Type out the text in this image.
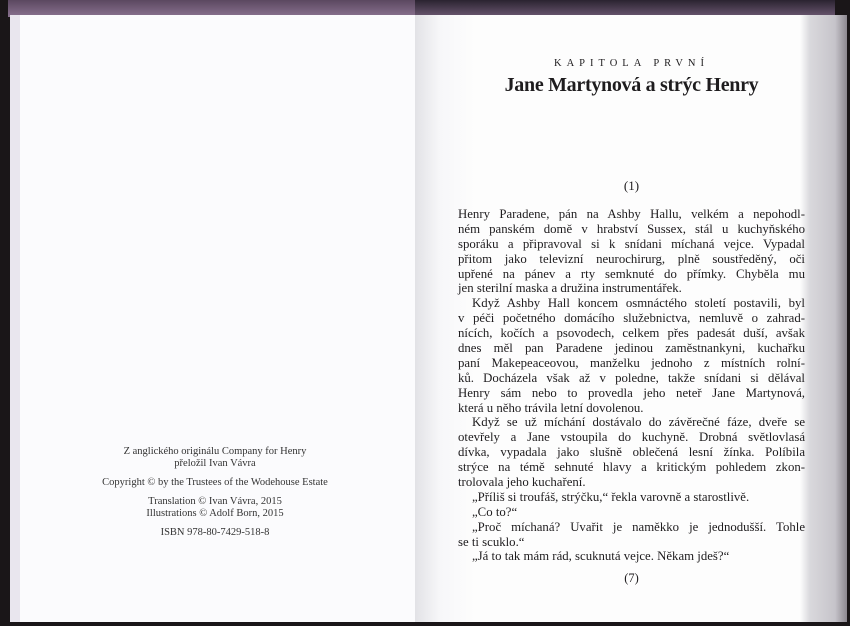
Z anglického originálu Company for Henry
přeložil Ivan Vávra
Copyright © by the Trustees of the Wodehouse Estate
Translation © Ivan Vávra, 2015
Illustrations © Adolf Born, 2015
ISBN 978-80-7429-518-8
KAPITOLA PRVNÍ
Jane Martynová a strýc Henry
(1)
Henry Paradene, pán na Ashby Hallu, velkém a nepohodl-
ném panském domě v hrabství Sussex, stál u kuchyňského
sporáku a připravoval si k snídani míchaná vejce. Vypadal
přitom jako televizní neurochirurg, plně soustředěný, oči
upřené na pánev a rty semknuté do přímky. Chyběla mu
jen sterilní maska a družina instrumentářek.
Když Ashby Hall koncem osmnáctého století postavili, byl
v péči početného domácího služebnictva, nemluvě o zahrad-
nících, kočích a psovodech, celkem přes padesát duší, avšak
dnes měl pan Paradene jedinou zaměstnankyni, kuchařku
paní Makepeaceovou, manželku jednoho z místních rolní-
ků. Docházela však až v poledne, takže snídani si dělával
Henry sám nebo to provedla jeho neteř Jane Martynová,
která u něho trávila letní dovolenou.
Když se už míchání dostávalo do závěrečné fáze, dveře se
otevřely a Jane vstoupila do kuchyně. Drobná světlovlasá
dívka, vypadala jako slušně oblečená lesní žínka. Políbila
strýce na témě sehnuté hlavy a kritickým pohledem zkon-
trolovala jeho kuchaření.
„Příliš si troufáš, strýčku,“ řekla varovně a starostlivě.
„Co to?“
„Proč míchaná? Uvařit je naměkko je jednodušší. Tohle
se ti scuklo.“
„Já to tak mám rád, scuknutá vejce. Někam jdeš?“
(7)
